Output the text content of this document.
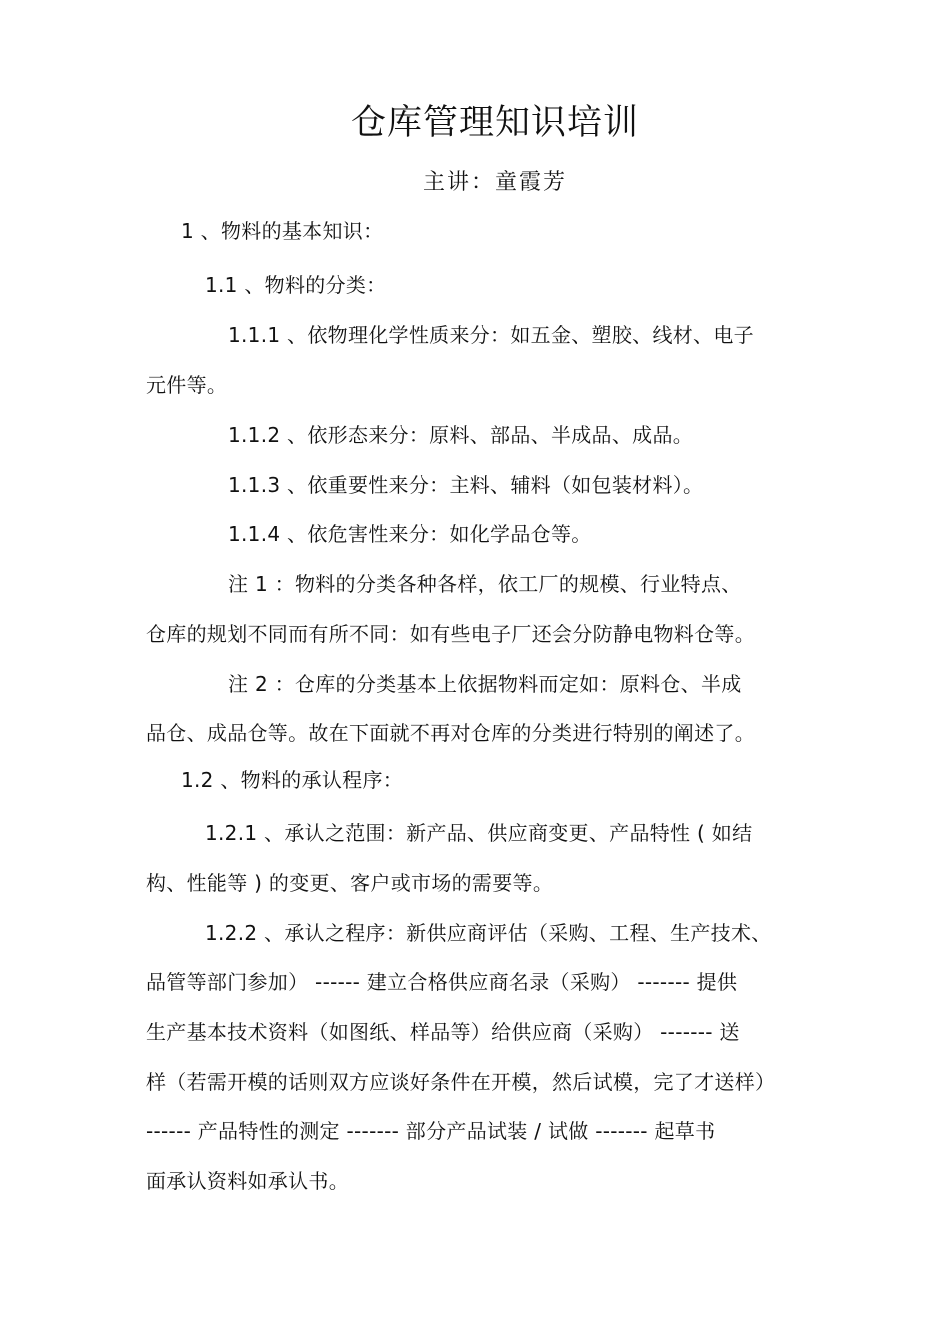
仓库管理知识培训
主讲：童霞芳
1 、物料的基本知识：
1.1 、物料的分类：
1.1.1 、依物理化学性质来分：如五金、塑胶、线材、电子
元件等。
1.1.2 、依形态来分：原料、部品、半成品、成品。
1.1.3 、依重要性来分：主料、辅料（如包装材料）。
1.1.4 、依危害性来分：如化学品仓等。
注 1 ：物料的分类各种各样，依工厂的规模、行业特点、
仓库的规划不同而有所不同：如有些电子厂还会分防静电物料仓等。
注 2 ：仓库的分类基本上依据物料而定如：原料仓、半成
品仓、成品仓等。故在下面就不再对仓库的分类进行特别的阐述了。
1.2 、物料的承认程序：
1.2.1 、承认之范围：新产品、供应商变更、产品特性 ( 如结
构、性能等 ) 的变更、客户或市场的需要等。
1.2.2 、承认之程序：新供应商评估（采购、工程、生产技术、
品管等部门参加） ------ 建立合格供应商名录（采购） ------- 提供
生产基本技术资料（如图纸、样品等）给供应商（采购） ------- 送
样（若需开模的话则双方应谈好条件在开模，然后试模，完了才送样）
------ 产品特性的测定 ------- 部分产品试装 / 试做 ------- 起草书
面承认资料如承认书。
